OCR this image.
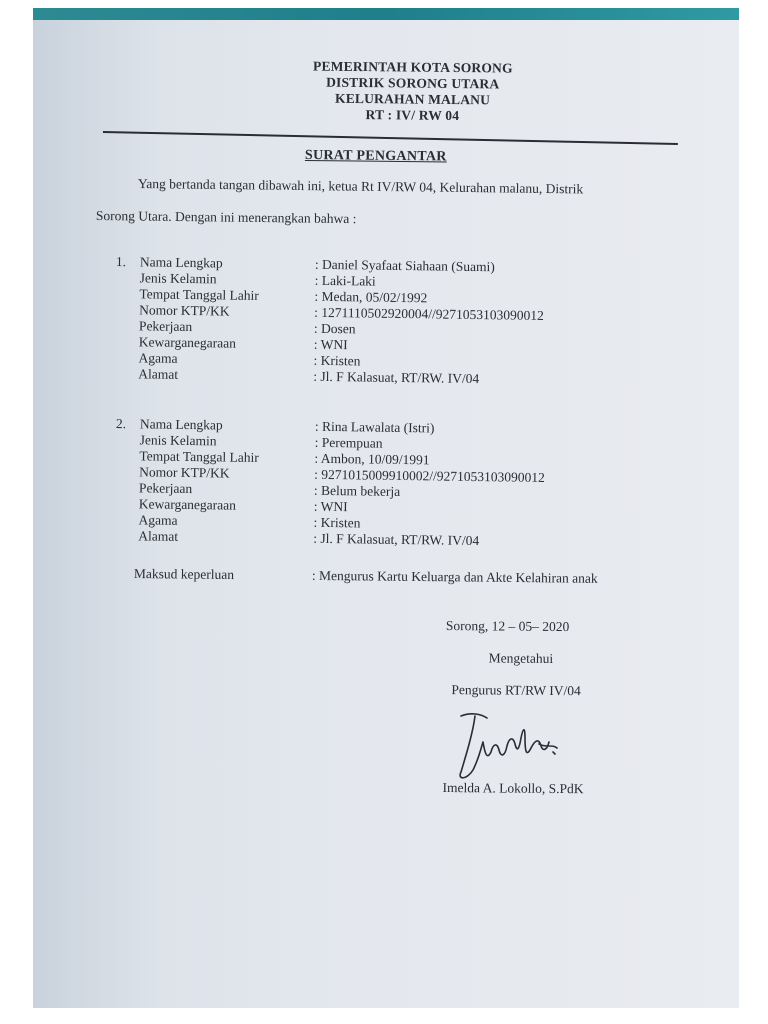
PEMERINTAH KOTA SORONG
DISTRIK SORONG UTARA
KELURAHAN MALANU
RT : IV/ RW 04
SURAT PENGANTAR
Yang bertanda tangan dibawah ini, ketua Rt IV/RW 04, Kelurahan malanu, Distrik
Sorong Utara. Dengan ini menerangkan bahwa :
1. Nama Lengkap	: Daniel Syafaat Siahaan (Suami)
Jenis Kelamin	: Laki-Laki
Tempat Tanggal Lahir	: Medan, 05/02/1992
Nomor KTP/KK	: 1271110502920004//9271053103090012
Pekerjaan	: Dosen
Kewarganegaraan	: WNI
Agama	: Kristen
Alamat	: Jl. F Kalasuat, RT/RW. IV/04
2. Nama Lengkap	: Rina Lawalata (Istri)
Jenis Kelamin	: Perempuan
Tempat Tanggal Lahir	: Ambon, 10/09/1991
Nomor KTP/KK	: 9271015009910002//9271053103090012
Pekerjaan	: Belum bekerja
Kewarganegaraan	: WNI
Agama	: Kristen
Alamat	: Jl. F Kalasuat, RT/RW. IV/04
Maksud keperluan	: Mengurus Kartu Keluarga dan Akte Kelahiran anak
Sorong, 12 – 05– 2020
Mengetahui
Pengurus RT/RW IV/04
Imelda A. Lokollo, S.PdK
